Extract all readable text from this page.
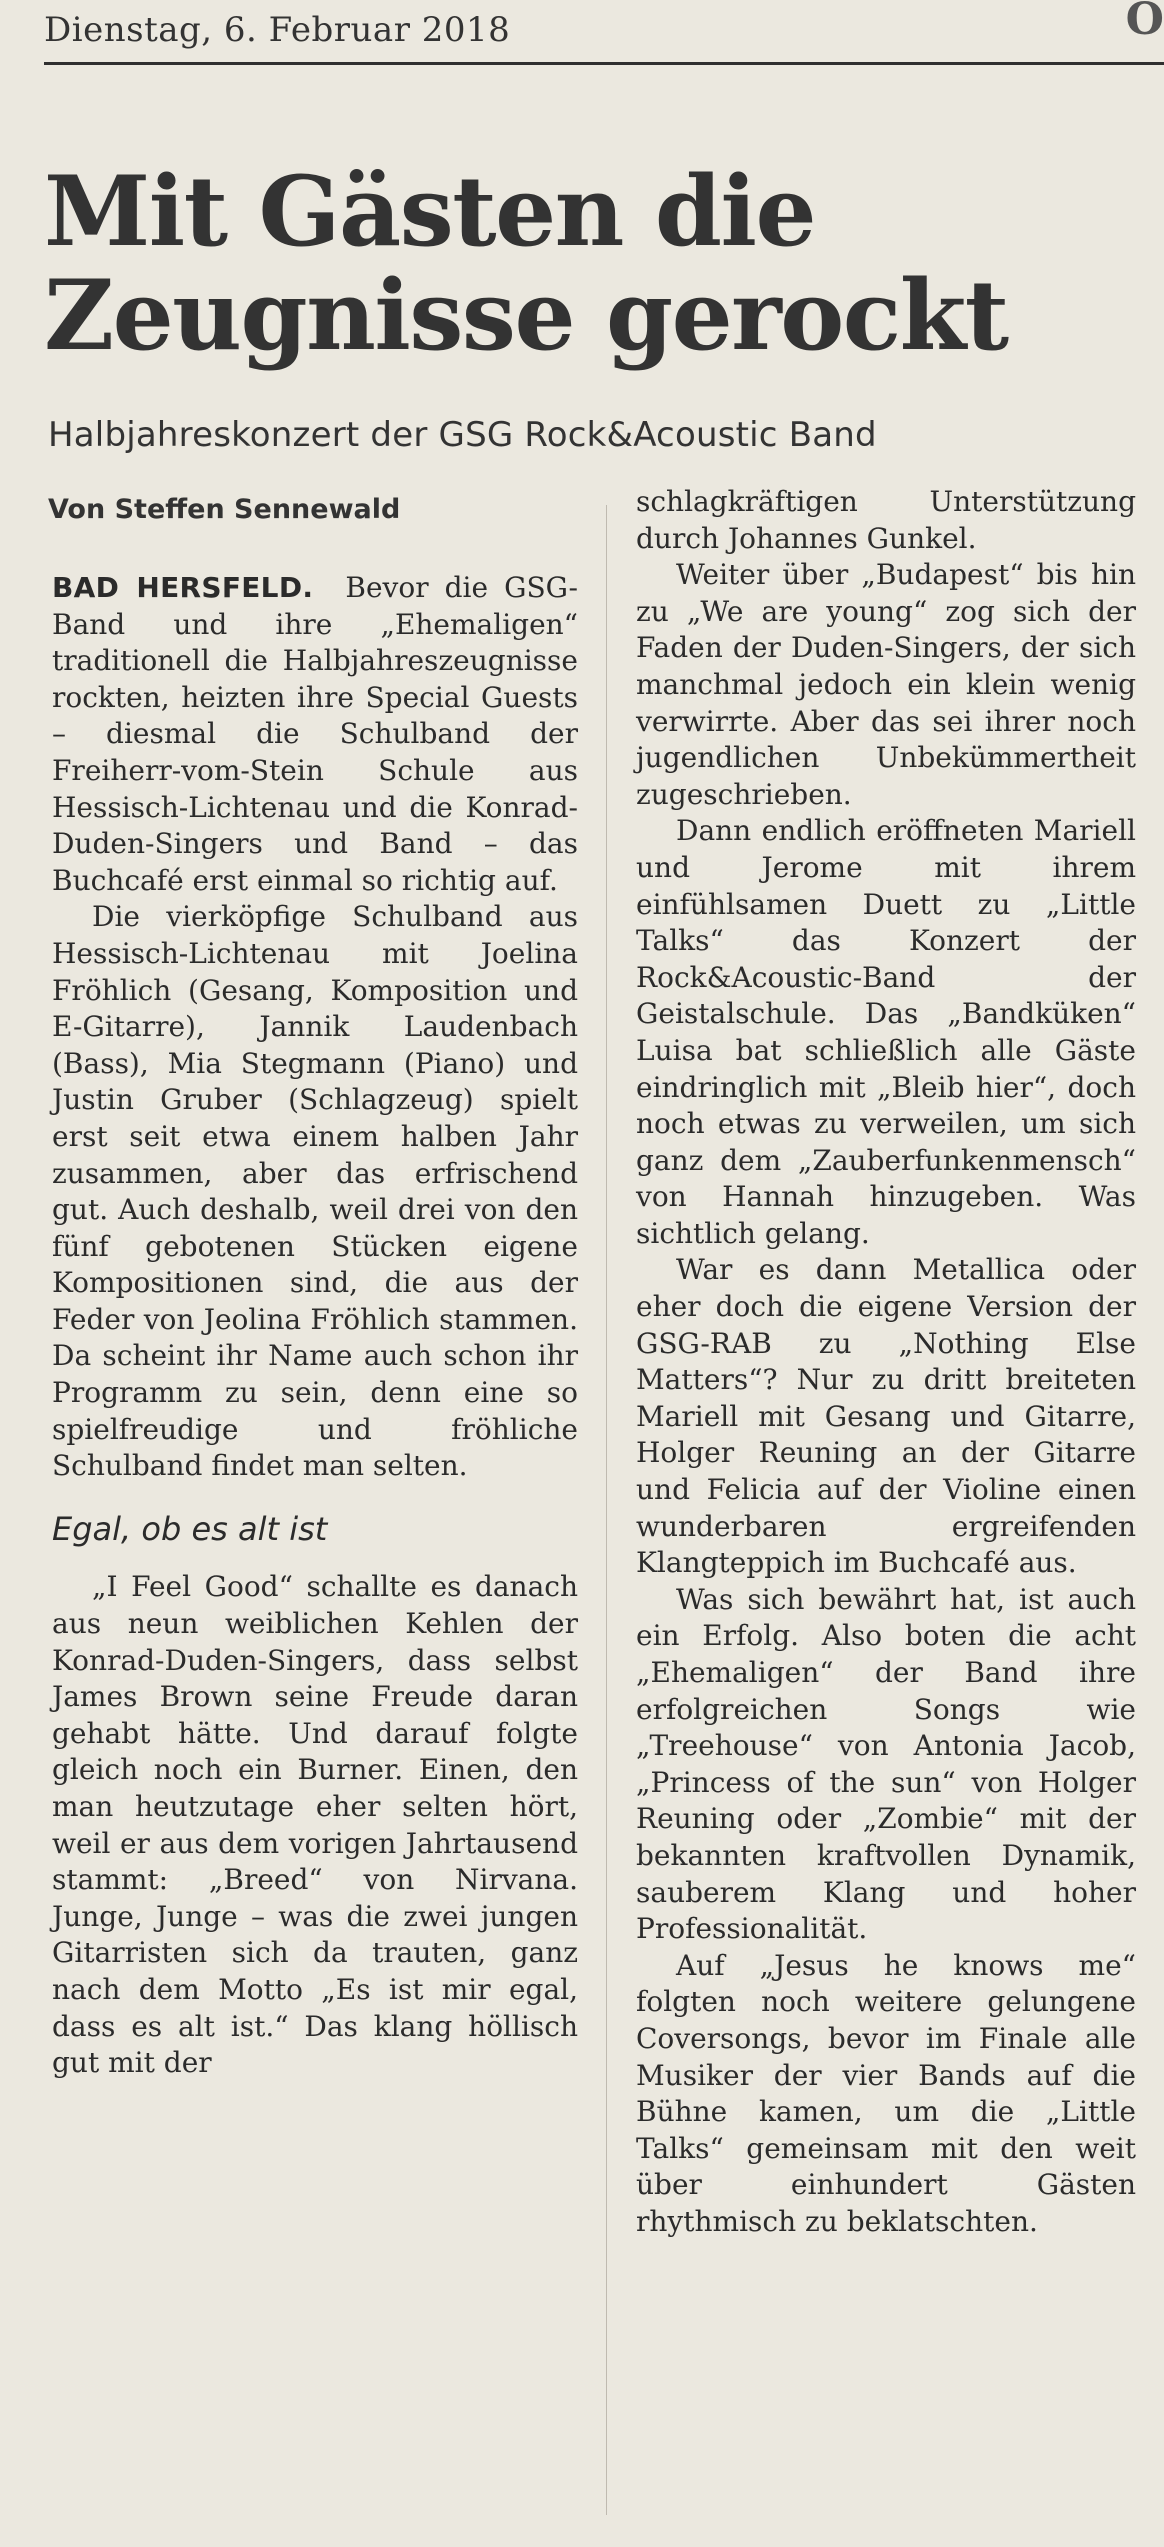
Dienstag, 6. Februar 2018	O
Mit Gästen die
Zeugnisse gerockt
Halbjahreskonzert der GSG Rock&Acoustic Band
Von Steffen Sennewald

BAD HERSFELD. Bevor die GSG-Band und ihre „Ehemaligen“ traditionell die Halbjahreszeugnisse rockten, heizten ihre Special Guests – diesmal die Schulband der Freiherr-vom-Stein Schule aus Hessisch-Lichtenau und die Konrad-Duden-Singers und Band – das Buchcafé erst einmal so richtig auf.

Die vierköpfige Schulband aus Hessisch-Lichtenau mit Joelina Fröhlich (Gesang, Komposition und E-Gitarre), Jannik Laudenbach (Bass), Mia Stegmann (Piano) und Justin Gruber (Schlagzeug) spielt erst seit etwa einem halben Jahr zusammen, aber das erfrischend gut. Auch deshalb, weil drei von den fünf gebotenen Stücken eigene Kompositionen sind, die aus der Feder von Jeolina Fröhlich stammen. Da scheint ihr Name auch schon ihr Programm zu sein, denn eine so spielfreudige und fröhliche Schulband findet man selten.

Egal, ob es alt ist

„I Feel Good“ schallte es danach aus neun weiblichen Kehlen der Konrad-Duden-Singers, dass selbst James Brown seine Freude daran gehabt hätte. Und darauf folgte gleich noch ein Burner. Einen, den man heutzutage eher selten hört, weil er aus dem vorigen Jahrtausend stammt: „Breed“ von Nirvana. Junge, Junge – was die zwei jungen Gitarristen sich da trauten, ganz nach dem Motto „Es ist mir egal, dass es alt ist.“ Das klang höllisch gut mit der

schlagkräftigen Unterstützung durch Johannes Gunkel.

Weiter über „Budapest“ bis hin zu „We are young“ zog sich der Faden der Duden-Singers, der sich manchmal jedoch ein klein wenig verwirrte. Aber das sei ihrer noch jugendlichen Unbekümmertheit zugeschrieben.

Dann endlich eröffneten Mariell und Jerome mit ihrem einfühlsamen Duett zu „Little Talks“ das Konzert der Rock&Acoustic-Band der Geistalschule. Das „Bandküken“ Luisa bat schließlich alle Gäste eindringlich mit „Bleib hier“, doch noch etwas zu verweilen, um sich ganz dem „Zauberfunkenmensch“ von Hannah hinzugeben. Was sichtlich gelang.

War es dann Metallica oder eher doch die eigene Version der GSG-RAB zu „Nothing Else Matters“? Nur zu dritt breiteten Mariell mit Gesang und Gitarre, Holger Reuning an der Gitarre und Felicia auf der Violine einen wunderbaren ergreifenden Klangteppich im Buchcafé aus.

Was sich bewährt hat, ist auch ein Erfolg. Also boten die acht „Ehemaligen“ der Band ihre erfolgreichen Songs wie „Treehouse“ von Antonia Jacob, „Princess of the sun“ von Holger Reuning oder „Zombie“ mit der bekannten kraftvollen Dynamik, sauberem Klang und hoher Professionalität.

Auf „Jesus he knows me“ folgten noch weitere gelungene Coversongs, bevor im Finale alle Musiker der vier Bands auf die Bühne kamen, um die „Little Talks“ gemeinsam mit den weit über einhundert Gästen rhythmisch zu beklatschten.
